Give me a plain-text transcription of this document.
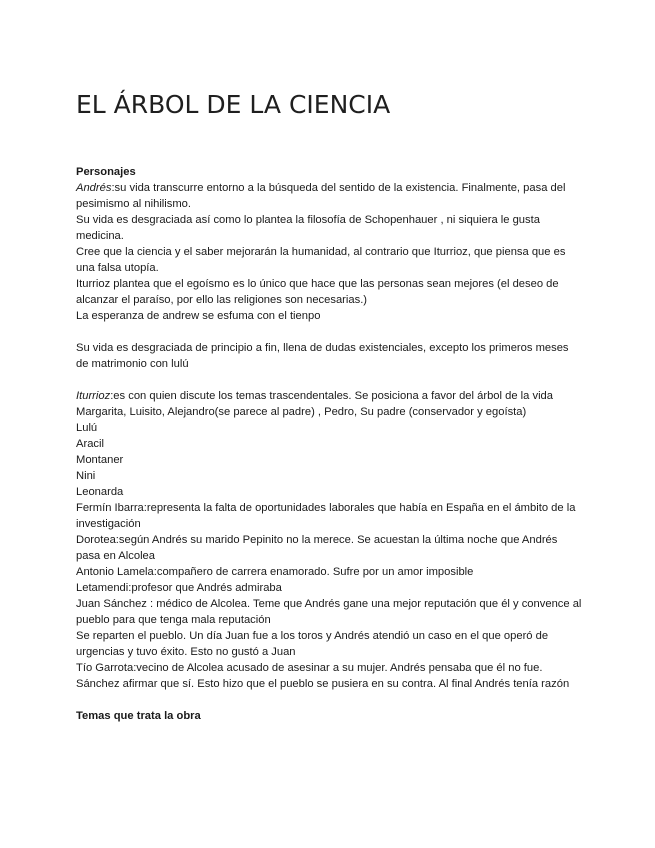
EL ÁRBOL DE LA CIENCIA

Personajes

Andrés:su vida transcurre entorno a la búsqueda del sentido de la existencia. Finalmente, pasa del pesimismo al nihilismo.

Su vida es desgraciada así como lo plantea la filosofía de Schopenhauer , ni siquiera le gusta medicina.

Cree que la ciencia y el saber mejorarán la humanidad, al contrario que Iturrioz, que piensa que es una falsa utopía.

Iturrioz plantea que el egoísmo es lo único que hace que las personas sean mejores (el deseo de alcanzar el paraíso, por ello las religiones son necesarias.)

La esperanza de andrew se esfuma con el tienpo

Su vida es desgraciada de principio a fin, llena de dudas existenciales, excepto los primeros meses de matrimonio con lulú

Iturrioz:es con quien discute los temas trascendentales. Se posiciona a favor del árbol de la vida

Margarita, Luisito, Alejandro(se parece al padre) , Pedro, Su padre (conservador y egoísta)

Lulú

Aracil

Montaner

Nini

Leonarda

Fermín Ibarra:representa la falta de oportunidades laborales que había en España en el ámbito de la investigación

Dorotea:según Andrés su marido Pepinito no la merece. Se acuestan la última noche que Andrés pasa en Alcolea

Antonio Lamela:compañero de carrera enamorado. Sufre por un amor imposible

Letamendi:profesor que Andrés admiraba

Juan Sánchez : médico de Alcolea. Teme que Andrés gane una mejor reputación que él y convence al pueblo para que tenga mala reputación

Se reparten el pueblo. Un día Juan fue a los toros y Andrés atendió un caso en el que operó de urgencias y tuvo éxito. Esto no gustó a Juan

Tío Garrota:vecino de Alcolea acusado de asesinar a su mujer. Andrés pensaba que él no fue. Sánchez afirmar que sí. Esto hizo que el pueblo se pusiera en su contra. Al final Andrés tenía razón

Temas que trata la obra
